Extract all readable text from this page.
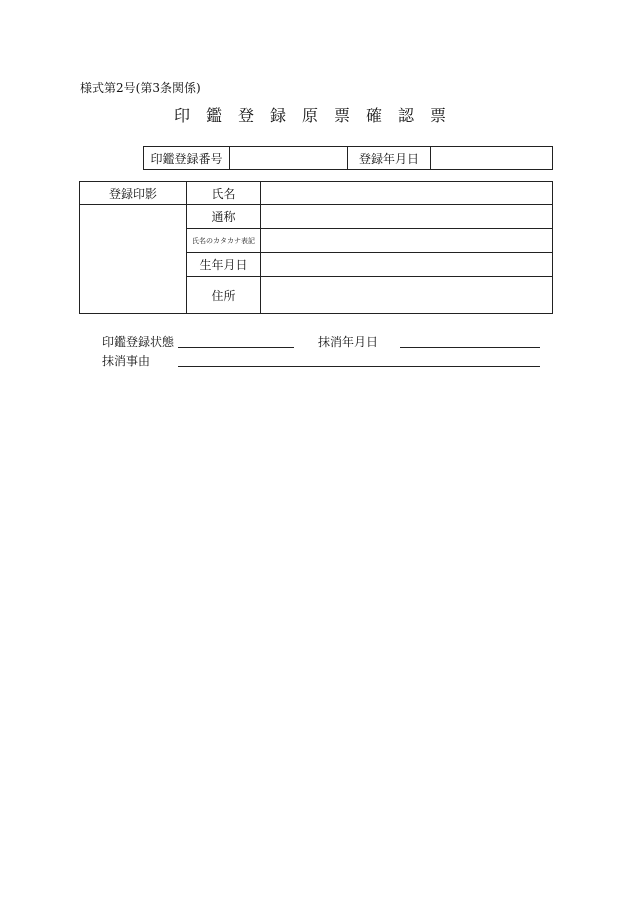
様式第2号(第3条関係)
印鑑登録原票確認票
印鑑登録番号		登録年月日	
登録印影	氏名	
	通称	
	氏名のカタカナ表記	
	生年月日	
	住所	
印鑑登録状態	抹消年月日
抹消事由
